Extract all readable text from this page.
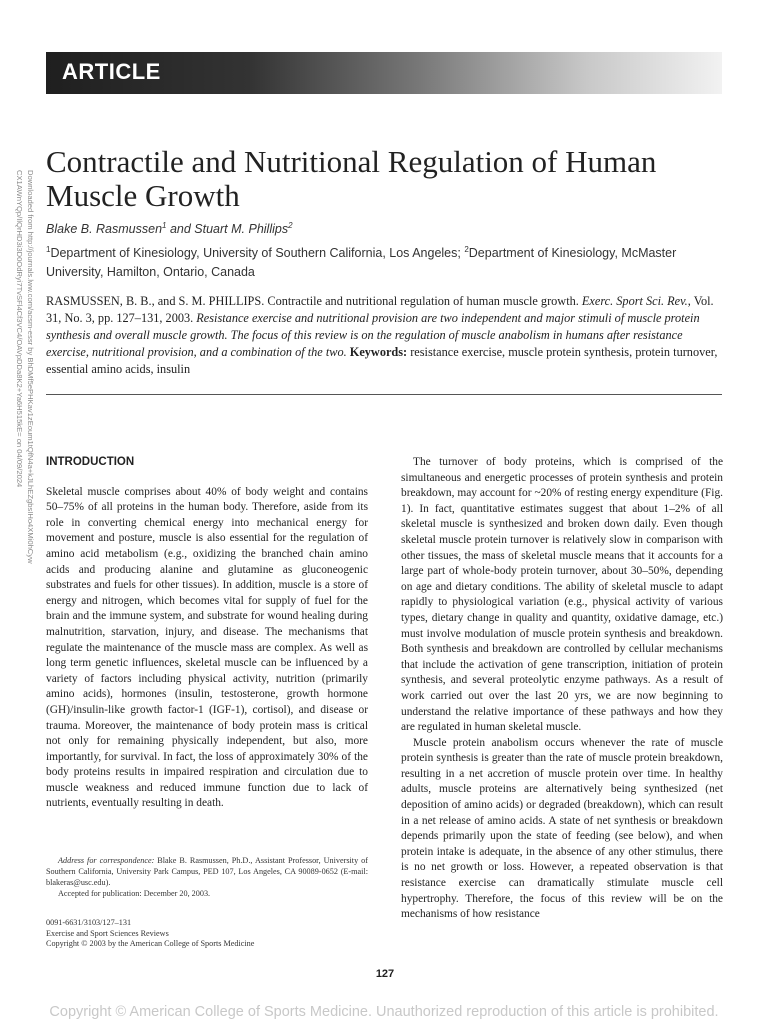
ARTICLE
Downloaded from http://journals.lww.com/acsm-essr by BhDMf5ePHKav1zEoum1tQfN4a+kJLhEZgbsIHo4XMi0hCyw
CX1AWnYQp/IlQrHD3i3D0OdRyi7TvSFl4Cf3VC4/OAVpDDa8K2+Ya6H515kE= on 04/09/2024
Contractile and Nutritional Regulation of Human Muscle Growth
Blake B. Rasmussen$^1$ and Stuart M. Phillips$^2$
$^1$Department of Kinesiology, University of Southern California, Los Angeles; $^2$Department of Kinesiology, McMaster University, Hamilton, Ontario, Canada
RASMUSSEN, B. B., and S. M. PHILLIPS. Contractile and nutritional regulation of human muscle growth. Exerc. Sport Sci. Rev., Vol. 31, No. 3, pp. 127–131, 2003. Resistance exercise and nutritional provision are two independent and major stimuli of muscle protein synthesis and overall muscle growth. The focus of this review is on the regulation of muscle anabolism in humans after resistance exercise, nutritional provision, and a combination of the two. Keywords: resistance exercise, muscle protein synthesis, protein turnover, essential amino acids, insulin
INTRODUCTION

Skeletal muscle comprises about 40% of body weight and contains 50–75% of all proteins in the human body. Therefore, aside from its role in converting chemical energy into mechanical energy for movement and posture, muscle is also essential for the regulation of amino acid metabolism (e.g., oxidizing the branched chain amino acids and producing alanine and glutamine as gluconeogenic substrates and fuels for other tissues). In addition, muscle is a store of energy and nitrogen, which becomes vital for supply of fuel for the brain and the immune system, and substrate for wound healing during malnutrition, starvation, injury, and disease. The mechanisms that regulate the maintenance of the muscle mass are complex. As well as long term genetic influences, skeletal muscle can be influenced by a variety of factors including physical activity, nutrition (primarily amino acids), hormones (insulin, testosterone, growth hormone (GH)/insulin-like growth factor-1 (IGF-1), cortisol), and disease or trauma. Moreover, the maintenance of body protein mass is critical not only for remaining physically independent, but also, more importantly, for survival. In fact, the loss of approximately 30% of the body proteins results in impaired respiration and circulation due to muscle weakness and reduced immune function due to lack of nutrients, eventually resulting in death.

The turnover of body proteins, which is comprised of the simultaneous and energetic processes of protein synthesis and protein breakdown, may account for ~20% of resting energy expenditure (Fig. 1). In fact, quantitative estimates suggest that about 1–2% of all skeletal muscle is synthesized and broken down daily. Even though skeletal muscle protein turnover is relatively slow in comparison with other tissues, the mass of skeletal muscle means that it accounts for a large part of whole-body protein turnover, about 30–50%, depending on age and dietary conditions. The ability of skeletal muscle to adapt rapidly to physiological variation (e.g., physical activity of various types, dietary change in quality and quantity, oxidative damage, etc.) must involve modulation of muscle protein synthesis and breakdown. Both synthesis and breakdown are controlled by cellular mechanisms that include the activation of gene transcription, initiation of protein synthesis, and several proteolytic enzyme pathways. As a result of work carried out over the last 20 yrs, we are now beginning to understand the relative importance of these pathways and how they are regulated in human skeletal muscle.

Muscle protein anabolism occurs whenever the rate of muscle protein synthesis is greater than the rate of muscle protein breakdown, resulting in a net accretion of muscle protein over time. In healthy adults, muscle proteins are alternatively being synthesized (net deposition of amino acids) or degraded (breakdown), which can result in a net release of amino acids. A state of net synthesis or breakdown depends primarily upon the state of feeding (see below), and when protein intake is adequate, in the absence of any other stimulus, there is no net growth or loss. However, a repeated observation is that resistance exercise can dramatically stimulate muscle cell hypertrophy. Therefore, the focus of this review will be on the mechanisms of how resistance

Address for correspondence: Blake B. Rasmussen, Ph.D., Assistant Professor, University of Southern California, University Park Campus, PED 107, Los Angeles, CA 90089-0652 (E-mail: blakeras@usc.edu).

Accepted for publication: December 20, 2003.

0091-6631/3103/127–131
Exercise and Sport Sciences Reviews
Copyright © 2003 by the American College of Sports Medicine
127
Copyright © American College of Sports Medicine. Unauthorized reproduction of this article is prohibited.
